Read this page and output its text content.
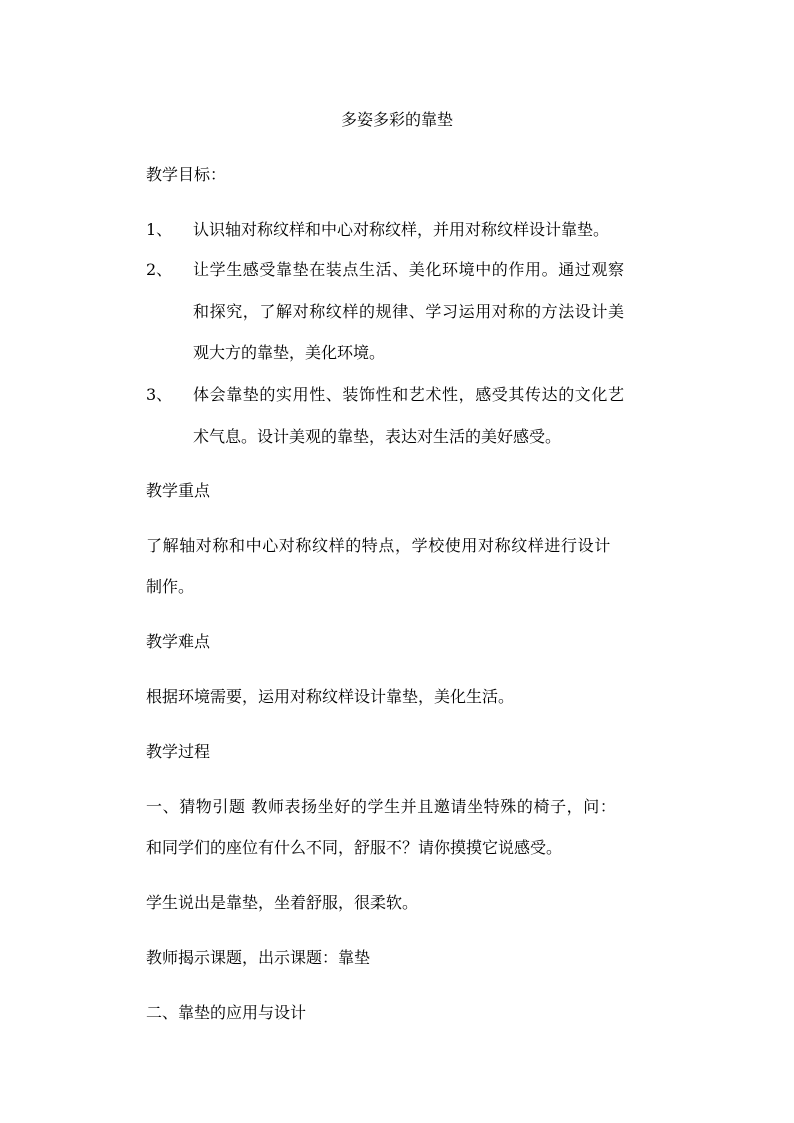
多姿多彩的靠垫
教学目标：
1、 认识轴对称纹样和中心对称纹样，并用对称纹样设计靠垫。
2、 让学生感受靠垫在装点生活、美化环境中的作用。通过观察
和探究，了解对称纹样的规律、学习运用对称的方法设计美
观大方的靠垫，美化环境。
3、 体会靠垫的实用性、装饰性和艺术性，感受其传达的文化艺
术气息。设计美观的靠垫，表达对生活的美好感受。
教学重点
了解轴对称和中心对称纹样的特点，学校使用对称纹样进行设计
制作。
教学难点
根据环境需要，运用对称纹样设计靠垫，美化生活。
教学过程
一、猜物引题 教师表扬坐好的学生并且邀请坐特殊的椅子，问：
和同学们的座位有什么不同，舒服不？请你摸摸它说感受。
学生说出是靠垫，坐着舒服，很柔软。
教师揭示课题，出示课题：靠垫
二、靠垫的应用与设计
